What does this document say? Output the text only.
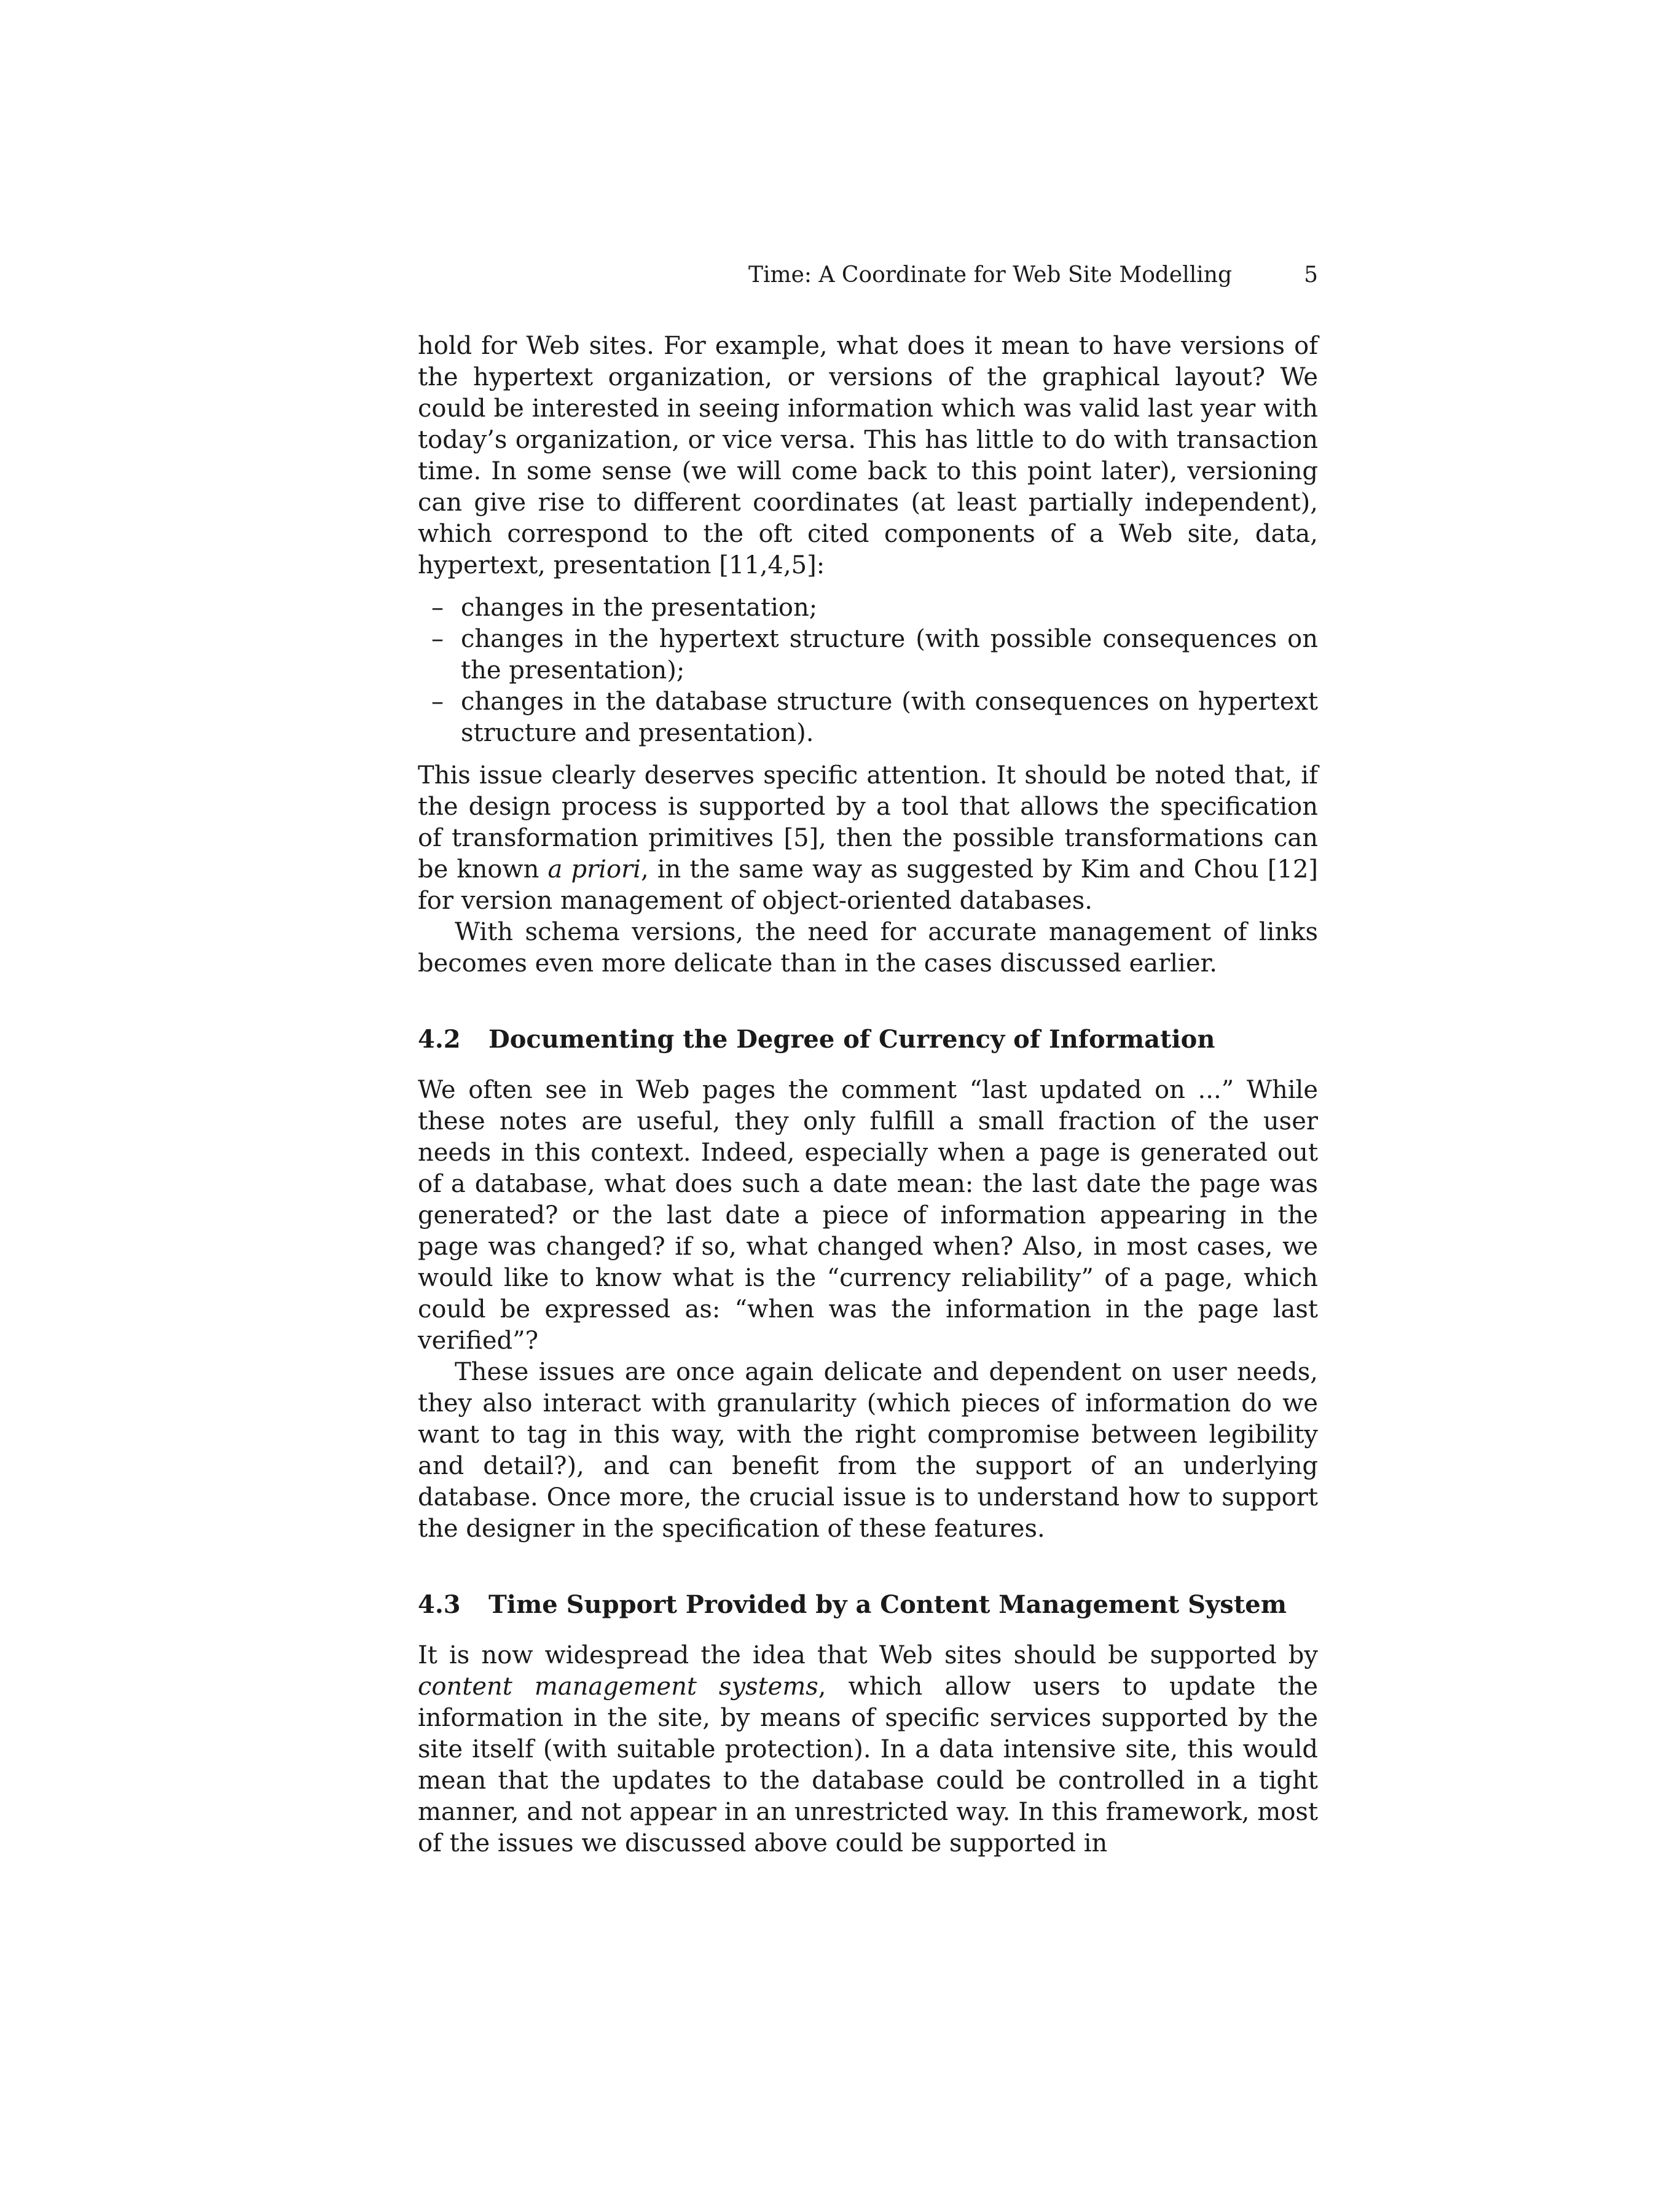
Time: A Coordinate for Web Site Modelling	5

hold for Web sites. For example, what does it mean to have versions of the hypertext organization, or versions of the graphical layout? We could be interested in seeing information which was valid last year with today’s organization, or vice versa. This has little to do with transaction time. In some sense (we will come back to this point later), versioning can give rise to different coordinates (at least partially independent), which correspond to the oft cited components of a Web site, data, hypertext, presentation [11,4,5]:

– changes in the presentation;
– changes in the hypertext structure (with possible consequences on the presentation);
– changes in the database structure (with consequences on hypertext structure and presentation).

This issue clearly deserves specific attention. It should be noted that, if the design process is supported by a tool that allows the specification of transformation primitives [5], then the possible transformations can be known a priori, in the same way as suggested by Kim and Chou [12] for version management of object-oriented databases.

With schema versions, the need for accurate management of links becomes even more delicate than in the cases discussed earlier.

4.2 Documenting the Degree of Currency of Information

We often see in Web pages the comment “last updated on ...” While these notes are useful, they only fulfill a small fraction of the user needs in this context. Indeed, especially when a page is generated out of a database, what does such a date mean: the last date the page was generated? or the last date a piece of information appearing in the page was changed? if so, what changed when? Also, in most cases, we would like to know what is the “currency reliability” of a page, which could be expressed as: “when was the information in the page last verified”?

These issues are once again delicate and dependent on user needs, they also interact with granularity (which pieces of information do we want to tag in this way, with the right compromise between legibility and detail?), and can benefit from the support of an underlying database. Once more, the crucial issue is to understand how to support the designer in the specification of these features.

4.3 Time Support Provided by a Content Management System

It is now widespread the idea that Web sites should be supported by content management systems, which allow users to update the information in the site, by means of specific services supported by the site itself (with suitable protection). In a data intensive site, this would mean that the updates to the database could be controlled in a tight manner, and not appear in an unrestricted way. In this framework, most of the issues we discussed above could be supported in
